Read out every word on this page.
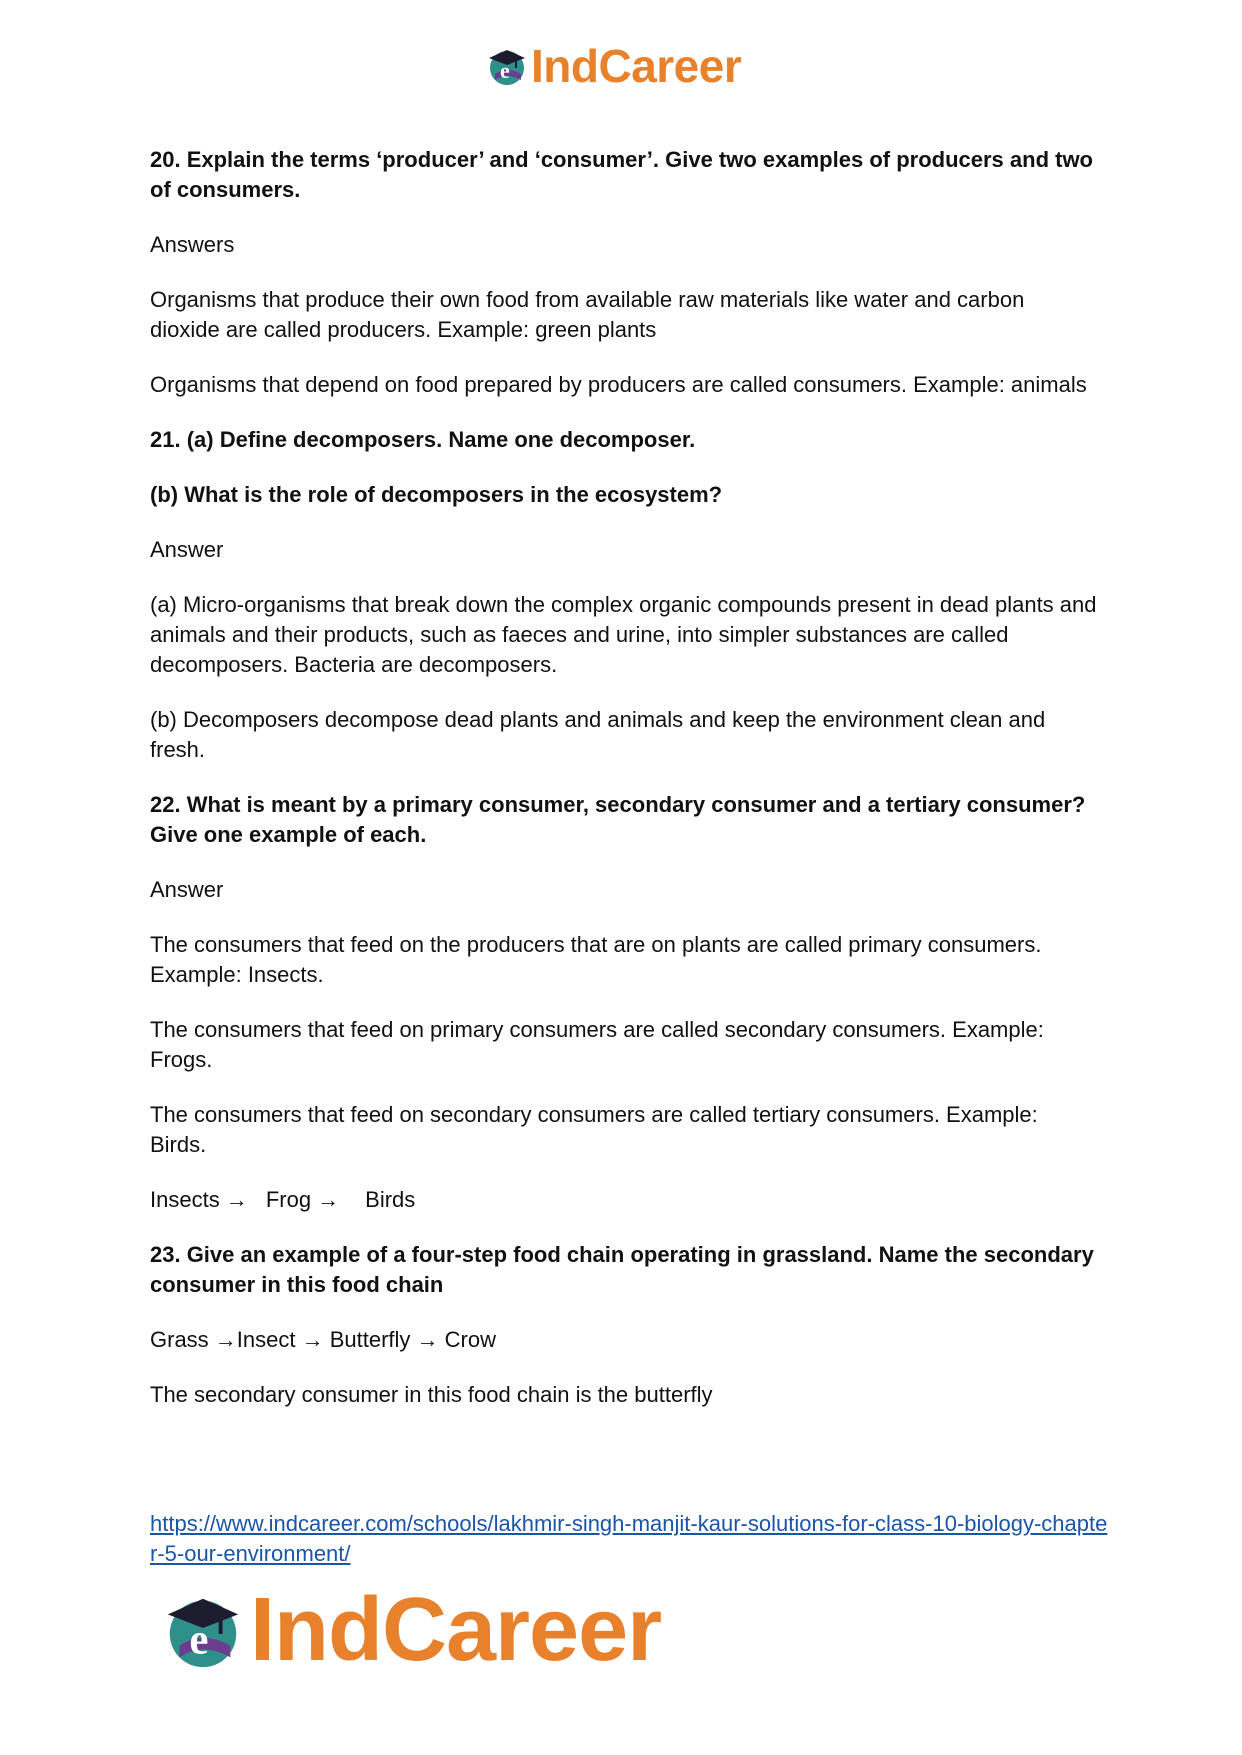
e IndCareer

20. Explain the terms ‘producer’ and ‘consumer’. Give two examples of producers and two of consumers.

Answers

Organisms that produce their own food from available raw materials like water and carbon dioxide are called producers. Example: green plants

Organisms that depend on food prepared by producers are called consumers. Example: animals

21. (a) Define decomposers. Name one decomposer.

(b) What is the role of decomposers in the ecosystem?

Answer

(a) Micro-organisms that break down the complex organic compounds present in dead plants and animals and their products, such as faeces and urine, into simpler substances are called decomposers. Bacteria are decomposers.

(b) Decomposers decompose dead plants and animals and keep the environment clean and fresh.

22. What is meant by a primary consumer, secondary consumer and a tertiary consumer? Give one example of each.

Answer

The consumers that feed on the producers that are on plants are called primary consumers. Example: Insects.

The consumers that feed on primary consumers are called secondary consumers. Example: Frogs.

The consumers that feed on secondary consumers are called tertiary consumers. Example: Birds.

Insects → Frog → Birds

23. Give an example of a four-step food chain operating in grassland. Name the secondary consumer in this food chain

Grass →Insect → Butterfly → Crow

The secondary consumer in this food chain is the butterfly

https://www.indcareer.com/schools/lakhmir-singh-manjit-kaur-solutions-for-class-10-biology-chapter-5-our-environment/
e IndCareer
